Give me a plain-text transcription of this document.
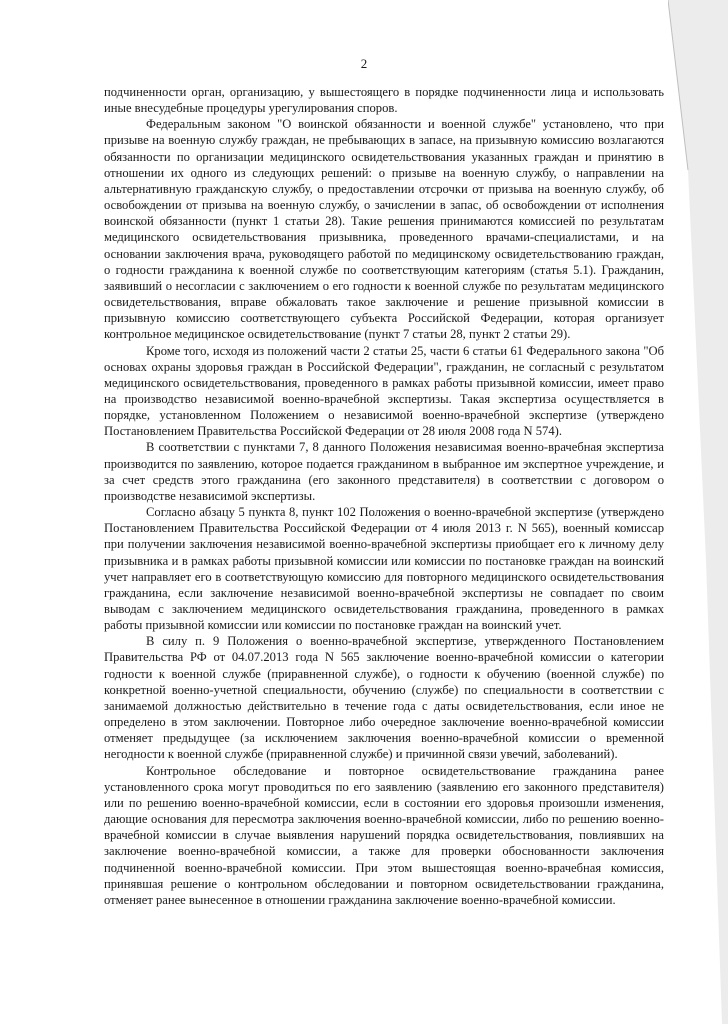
2

подчиненности орган, организацию, у вышестоящего в порядке подчиненности лица и использовать иные внесудебные процедуры урегулирования споров.

Федеральным законом "О воинской обязанности и военной службе" установлено, что при призыве на военную службу граждан, не пребывающих в запасе, на призывную комиссию возлагаются обязанности по организации медицинского освидетельствования указанных граждан и принятию в отношении их одного из следующих решений: о призыве на военную службу, о направлении на альтернативную гражданскую службу, о предоставлении отсрочки от призыва на военную службу, об освобождении от призыва на военную службу, о зачислении в запас, об освобождении от исполнения воинской обязанности (пункт 1 статьи 28). Такие решения принимаются комиссией по результатам медицинского освидетельствования призывника, проведенного врачами-специалистами, и на основании заключения врача, руководящего работой по медицинскому освидетельствованию граждан, о годности гражданина к военной службе по соответствующим категориям (статья 5.1). Гражданин, заявивший о несогласии с заключением о его годности к военной службе по результатам медицинского освидетельствования, вправе обжаловать такое заключение и решение призывной комиссии в призывную комиссию соответствующего субъекта Российской Федерации, которая организует контрольное медицинское освидетельствование (пункт 7 статьи 28, пункт 2 статьи 29).

Кроме того, исходя из положений части 2 статьи 25, части 6 статьи 61 Федерального закона "Об основах охраны здоровья граждан в Российской Федерации", гражданин, не согласный с результатом медицинского освидетельствования, проведенного в рамках работы призывной комиссии, имеет право на производство независимой военно-врачебной экспертизы. Такая экспертиза осуществляется в порядке, установленном Положением о независимой военно-врачебной экспертизе (утверждено Постановлением Правительства Российской Федерации от 28 июля 2008 года N 574).

В соответствии с пунктами 7, 8 данного Положения независимая военно-врачебная экспертиза производится по заявлению, которое подается гражданином в выбранное им экспертное учреждение, и за счет средств этого гражданина (его законного представителя) в соответствии с договором о производстве независимой экспертизы.

Согласно абзацу 5 пункта 8, пункт 102 Положения о военно-врачебной экспертизе (утверждено Постановлением Правительства Российской Федерации от 4 июля 2013 г. N 565), военный комиссар при получении заключения независимой военно-врачебной экспертизы приобщает его к личному делу призывника и в рамках работы призывной комиссии или комиссии по постановке граждан на воинский учет направляет его в соответствующую комиссию для повторного медицинского освидетельствования гражданина, если заключение независимой военно-врачебной экспертизы не совпадает по своим выводам с заключением медицинского освидетельствования гражданина, проведенного в рамках работы призывной комиссии или комиссии по постановке граждан на воинский учет.

В силу п. 9 Положения о военно-врачебной экспертизе, утвержденного Постановлением Правительства РФ от 04.07.2013 года N 565 заключение военно-врачебной комиссии о категории годности к военной службе (приравненной службе), о годности к обучению (военной службе) по конкретной военно-учетной специальности, обучению (службе) по специальности в соответствии с занимаемой должностью действительно в течение года с даты освидетельствования, если иное не определено в этом заключении. Повторное либо очередное заключение военно-врачебной комиссии отменяет предыдущее (за исключением заключения военно-врачебной комиссии о временной негодности к военной службе (приравненной службе) и причинной связи увечий, заболеваний).

Контрольное обследование и повторное освидетельствование гражданина ранее установленного срока могут проводиться по его заявлению (заявлению его законного представителя) или по решению военно-врачебной комиссии, если в состоянии его здоровья произошли изменения, дающие основания для пересмотра заключения военно-врачебной комиссии, либо по решению военно-врачебной комиссии в случае выявления нарушений порядка освидетельствования, повлиявших на заключение военно-врачебной комиссии, а также для проверки обоснованности заключения подчиненной военно-врачебной комиссии. При этом вышестоящая военно-врачебная комиссия, принявшая решение о контрольном обследовании и повторном освидетельствовании гражданина, отменяет ранее вынесенное в отношении гражданина заключение военно-врачебной комиссии.
